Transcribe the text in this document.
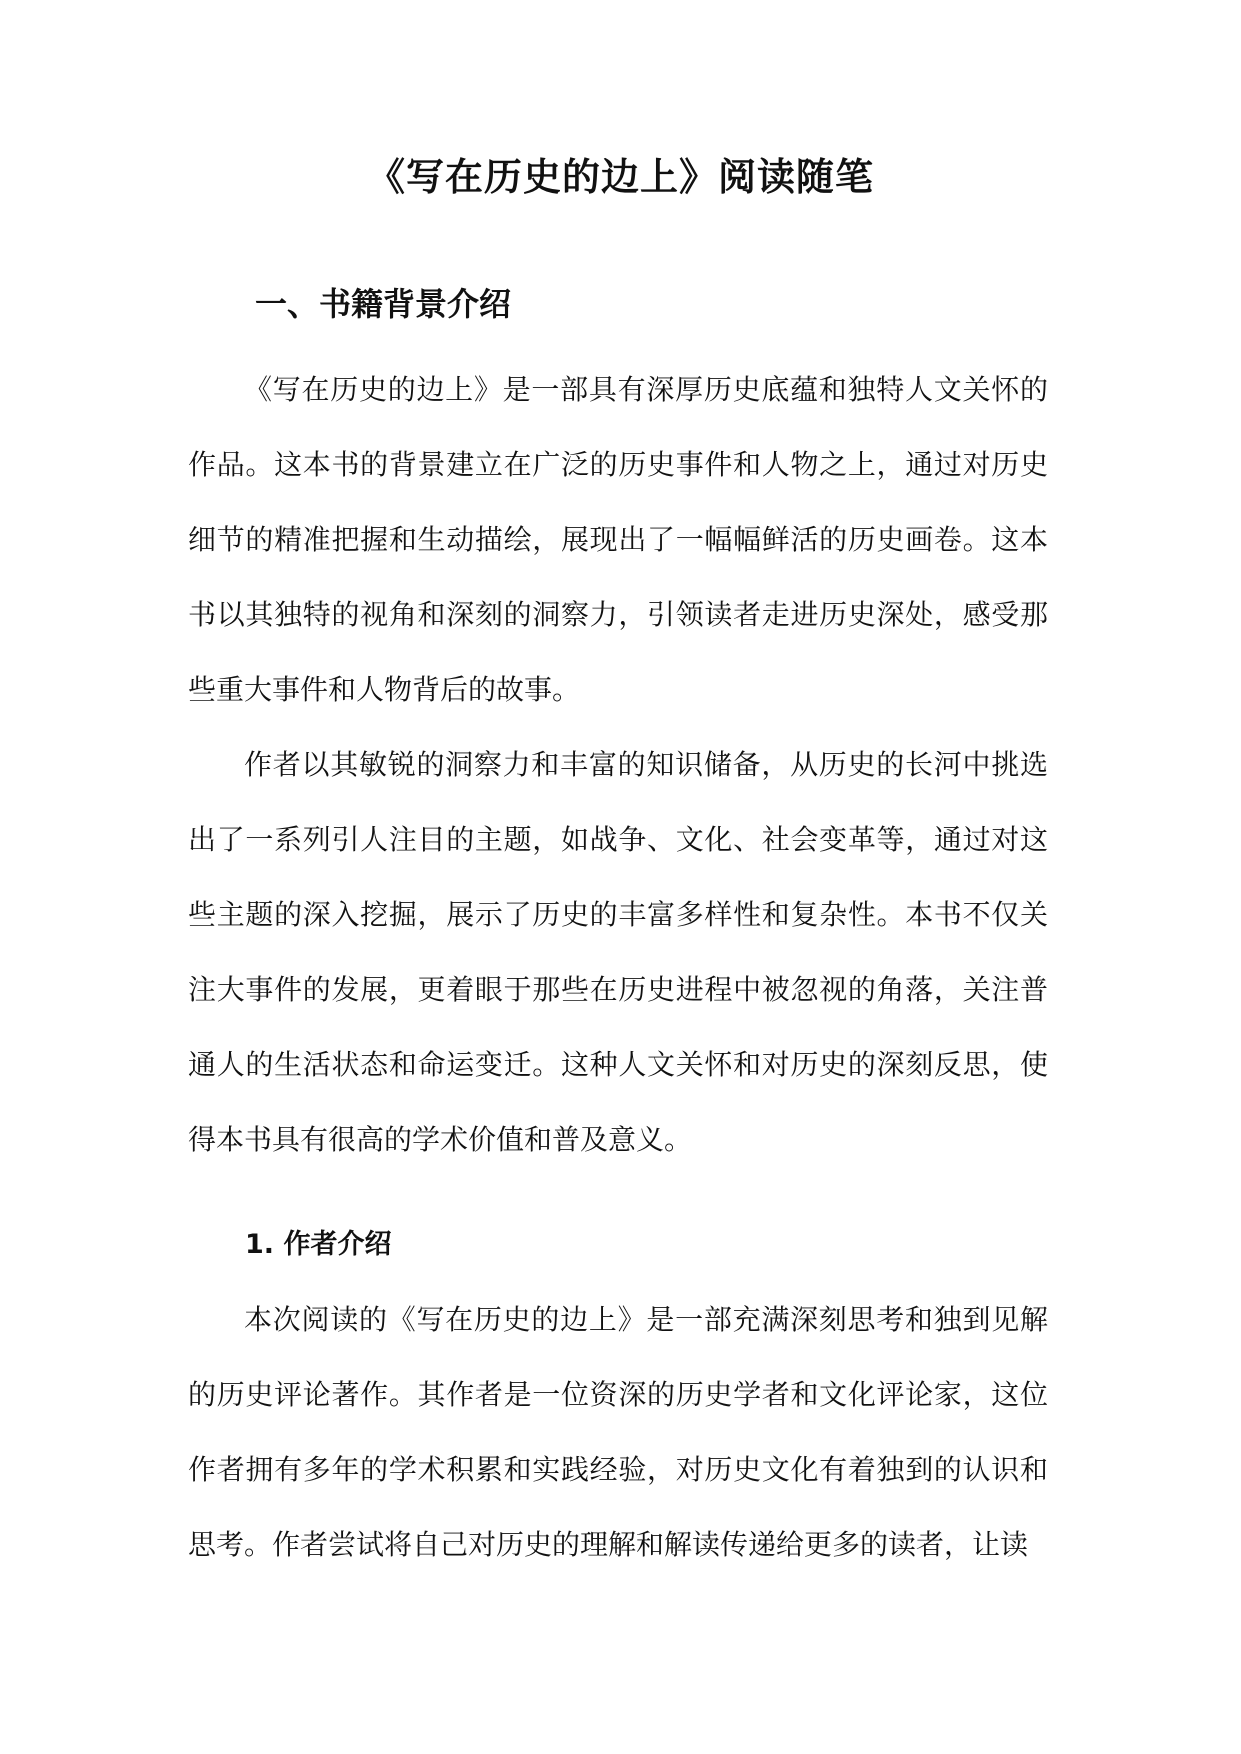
《写在历史的边上》阅读随笔
一、书籍背景介绍

《写在历史的边上》是一部具有深厚历史底蕴和独特人文关怀的作品。这本书的背景建立在广泛的历史事件和人物之上，通过对历史细节的精准把握和生动描绘，展现出了一幅幅鲜活的历史画卷。这本书以其独特的视角和深刻的洞察力，引领读者走进历史深处，感受那些重大事件和人物背后的故事。

作者以其敏锐的洞察力和丰富的知识储备，从历史的长河中挑选出了一系列引人注目的主题，如战争、文化、社会变革等，通过对这些主题的深入挖掘，展示了历史的丰富多样性和复杂性。本书不仅关注大事件的发展，更着眼于那些在历史进程中被忽视的角落，关注普通人的生活状态和命运变迁。这种人文关怀和对历史的深刻反思，使得本书具有很高的学术价值和普及意义。

1. 作者介绍

本次阅读的《写在历史的边上》是一部充满深刻思考和独到见解的历史评论著作。其作者是一位资深的历史学者和文化评论家，这位作者拥有多年的学术积累和实践经验，对历史文化有着独到的认识和思考。作者尝试将自己对历史的理解和解读传递给更多的读者，让读
